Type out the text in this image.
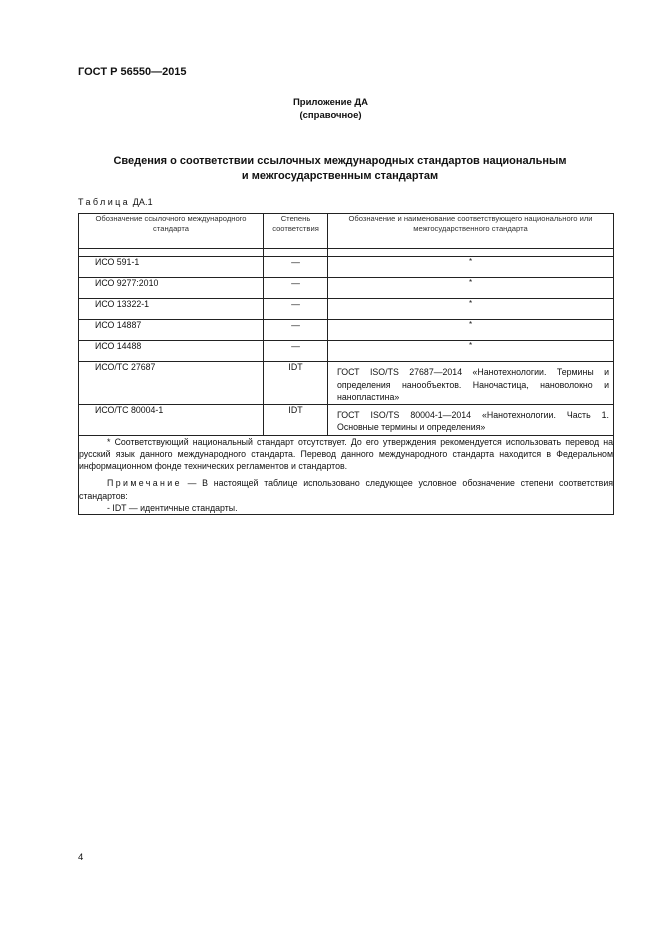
ГОСТ Р 56550—2015
Приложение ДА
(справочное)
Сведения о соответствии ссылочных международных стандартов национальным
и межгосударственным стандартам
Таблица ДА.1
Обозначение ссылочного международного стандарта	Степень соответствия	Обозначение и наименование соответствующего национального или межгосударственного стандарта

ИСО 591-1	—	*
ИСО 9277:2010	—	*
ИСО 13322-1	—	*
ИСО 14887	—	*
ИСО 14488	—	*
ИСО/ТС 27687	IDT	ГОСТ ISO/TS 27687—2014 «Нанотехнологии. Термины и определения нанообъектов. Наночастица, нановолокно и нанопластина»
ИСО/ТС 80004-1	IDT	ГОСТ ISO/TS 80004-1—2014 «Нанотехнологии. Часть 1. Основные термины и определения»

* Соответствующий национальный стандарт отсутствует. До его утверждения рекомендуется использовать перевод на русский язык данного международного стандарта. Перевод данного международного стандарта находится в Федеральном информационном фонде технических регламентов и стандартов.

Примечание — В настоящей таблице использовано следующее условное обозначение степени соответствия стандартов:

- IDT — идентичные стандарты.		

4
